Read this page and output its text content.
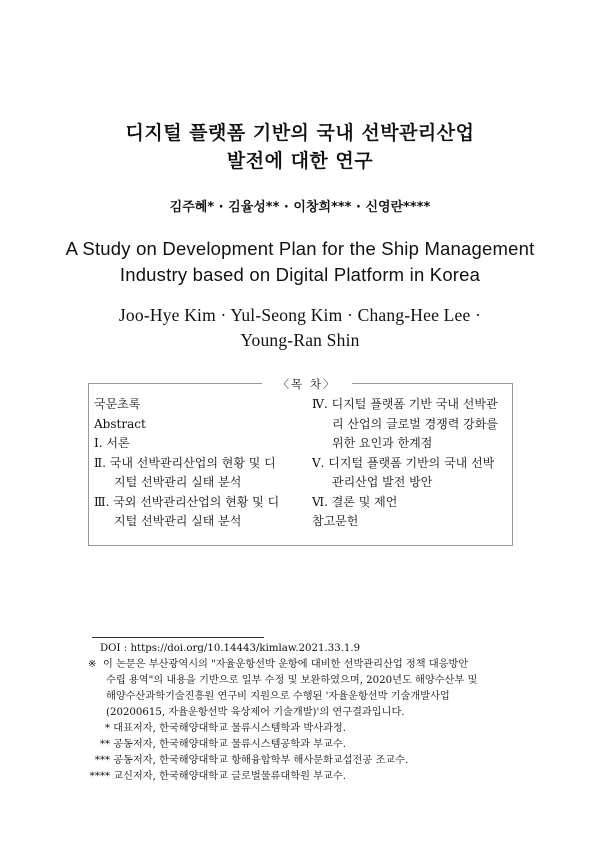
디지털 플랫폼 기반의 국내 선박관리산업
발전에 대한 연구
김주혜* · 김율성** · 이창희*** · 신영란****
A Study on Development Plan for the Ship Management
Industry based on Digital Platform in Korea
Joo-Hye Kim · Yul-Seong Kim · Chang-Hee Lee ·
Young-Ran Shin
〈목 차〉
국문초록
Abstract
Ⅰ. 서론
Ⅱ. 국내 선박관리산업의 현황 및 디
지털 선박관리 실태 분석
Ⅲ. 국외 선박관리산업의 현황 및 디
지털 선박관리 실태 분석
Ⅳ. 디지털 플랫폼 기반 국내 선박관
리 산업의 글로벌 경쟁력 강화를
위한 요인과 한계점
Ⅴ. 디지털 플랫폼 기반의 국내 선박
관리산업 발전 방안
Ⅵ. 결론 및 제언
참고문헌
DOI : https://doi.org/10.14443/kimlaw.2021.33.1.9
※ 이 논문은 부산광역시의 "자율운항선박 운항에 대비한 선박관리산업 정책 대응방안
수립 용역"의 내용을 기반으로 일부 수정 및 보완하였으며, 2020년도 해양수산부 및
해양수산과학기술진흥원 연구비 지원으로 수행된 '자율운항선박 기술개발사업
(20200615, 자율운항선박 육상제어 기술개발)'의 연구결과입니다.
* 대표저자, 한국해양대학교 물류시스템학과 박사과정.
** 공동저자, 한국해양대학교 물류시스템공학과 부교수.
*** 공동저자, 한국해양대학교 항해융합학부 해사문화교섭전공 조교수.
**** 교신저자, 한국해양대학교 글로벌물류대학원 부교수.
